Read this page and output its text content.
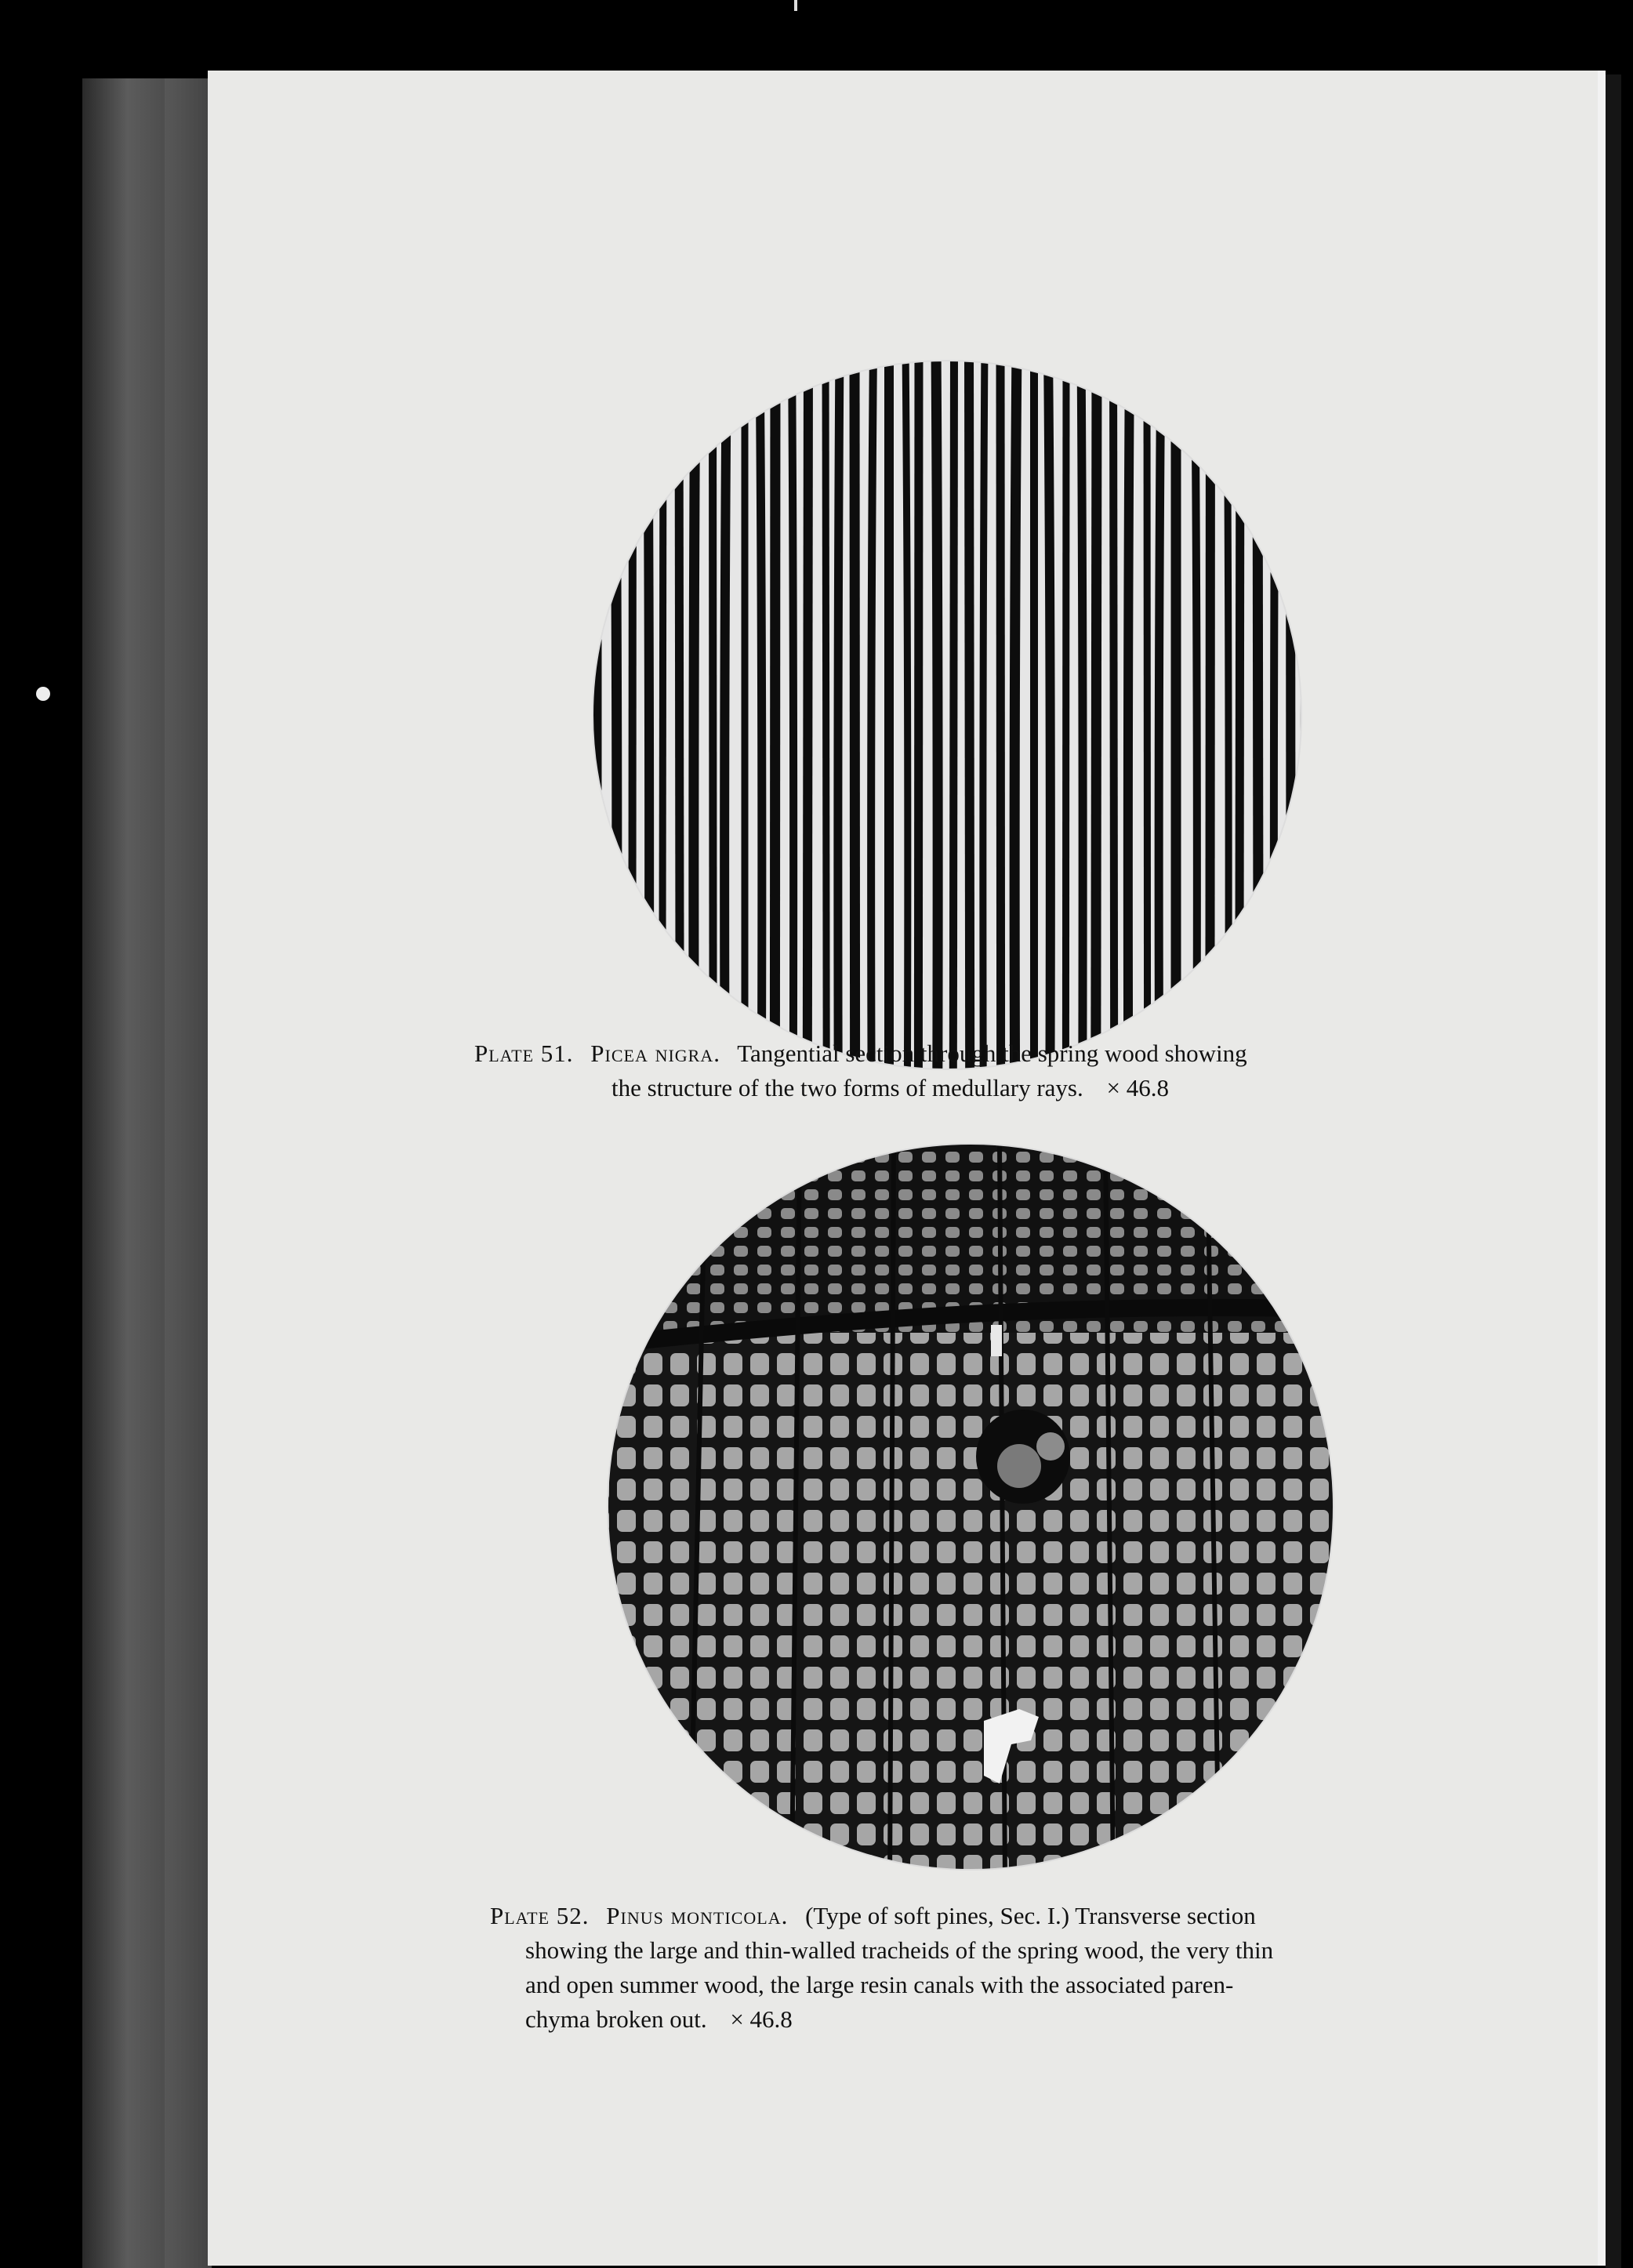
Plate 51. Picea nigra. Tangential section through the spring wood showing

the structure of the two forms of medullary rays. × 46.8

Plate 52. Pinus monticola. (Type of soft pines, Sec. I.) Transverse section

showing the large and thin-walled tracheids of the spring wood, the very thin

and open summer wood, the large resin canals with the associated paren-

chyma broken out. × 46.8
